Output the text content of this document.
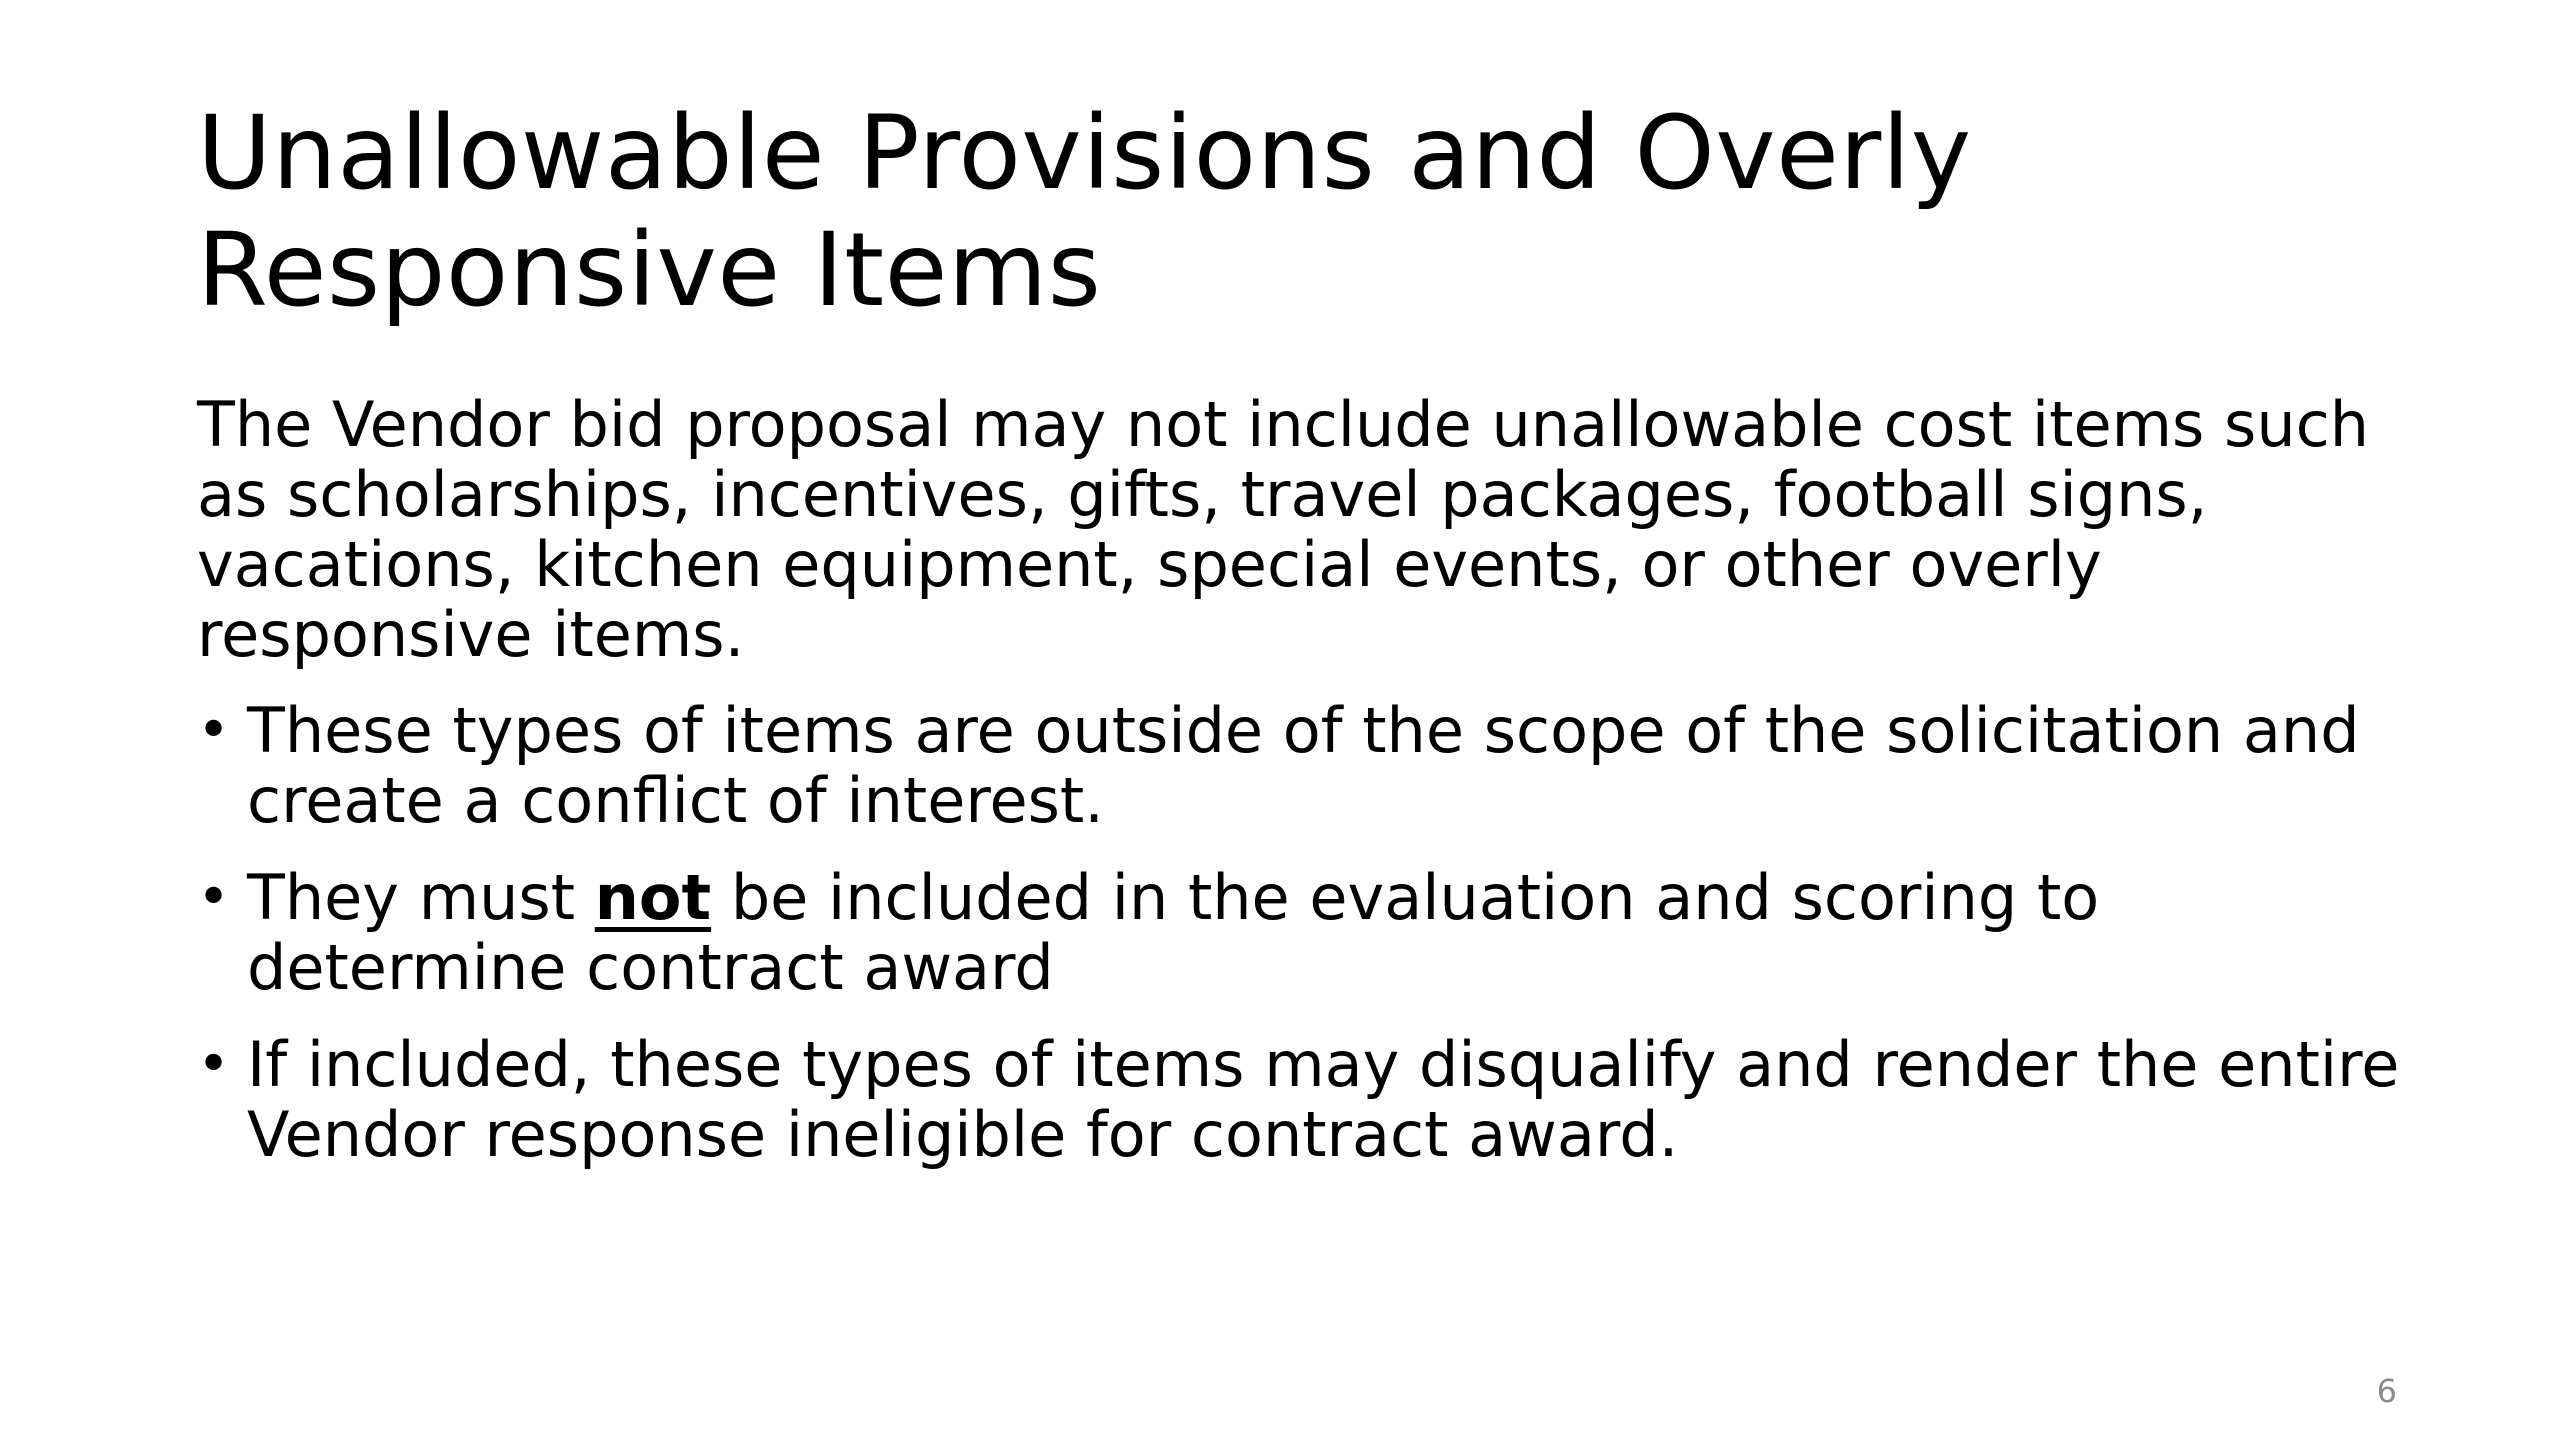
Unallowable Provisions and Overly Responsive Items

The Vendor bid proposal may not include unallowable cost items such as scholarships, incentives, gifts, travel packages, football signs, vacations, kitchen equipment, special events, or other overly responsive items.

• These types of items are outside of the scope of the solicitation and create a conflict of interest.
• They must not be included in the evaluation and scoring to determine contract award
• If included, these types of items may disqualify and render the entire Vendor response ineligible for contract award.
6
